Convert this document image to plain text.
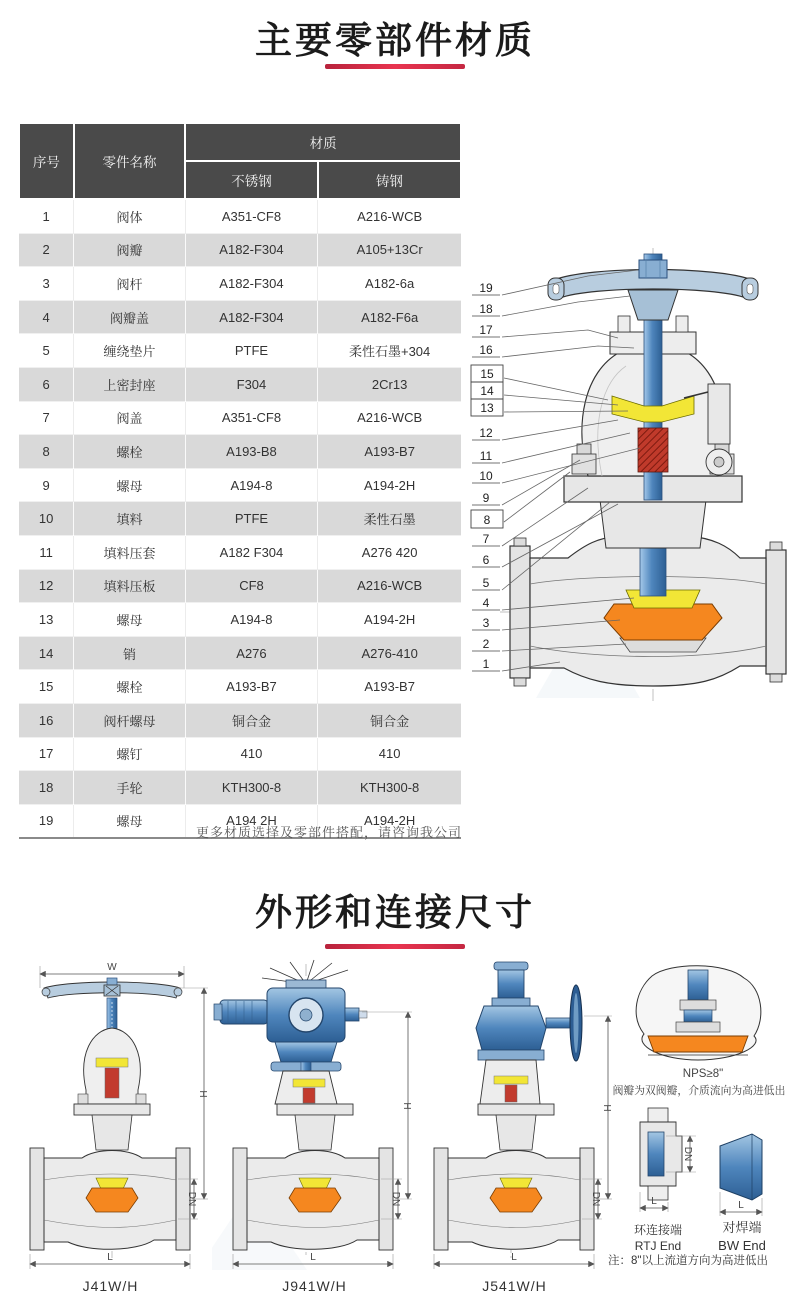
主要零部件材质
序号	零件名称	材质	
		不锈钢	铸钢
1	阀体	A351-CF8	A216-WCB
2	阀瓣	A182-F304	A105+13Cr
3	阀杆	A182-F304	A182-6a
4	阀瓣盖	A182-F304	A182-F6a
5	缠绕垫片	PTFE	柔性石墨+304
6	上密封座	F304	2Cr13
7	阀盖	A351-CF8	A216-WCB
8	螺栓	A193-B8	A193-B7
9	螺母	A194-8	A194-2H
10	填料	PTFE	柔性石墨
11	填料压套	A182 F304	A276 420
12	填料压板	CF8	A216-WCB
13	螺母	A194-8	A194-2H
14	销	A276	A276-410
15	螺栓	A193-B7	A193-B7
16	阀杆螺母	铜合金	铜合金
17	螺钉	410	410
18	手轮	KTH300-8	KTH300-8
19	螺母	A194 2H	A194-2H
更多材质选择及零部件搭配，请咨询我公司
19
18
17
16
15
14
13
12
11
10
9
8
7
6
5
4
3
2
1
外形和连接尺寸
W
H
DN
L
J41W/H
H
DN
L
J941W/H
H
DN
L
J541W/H
NPS≥8"
阀瓣为双阀瓣，介质流向为高进低出
DN
L
环连接端
RTJ End
L
对焊端
BW End
注：8"以上流道方向为高进低出
